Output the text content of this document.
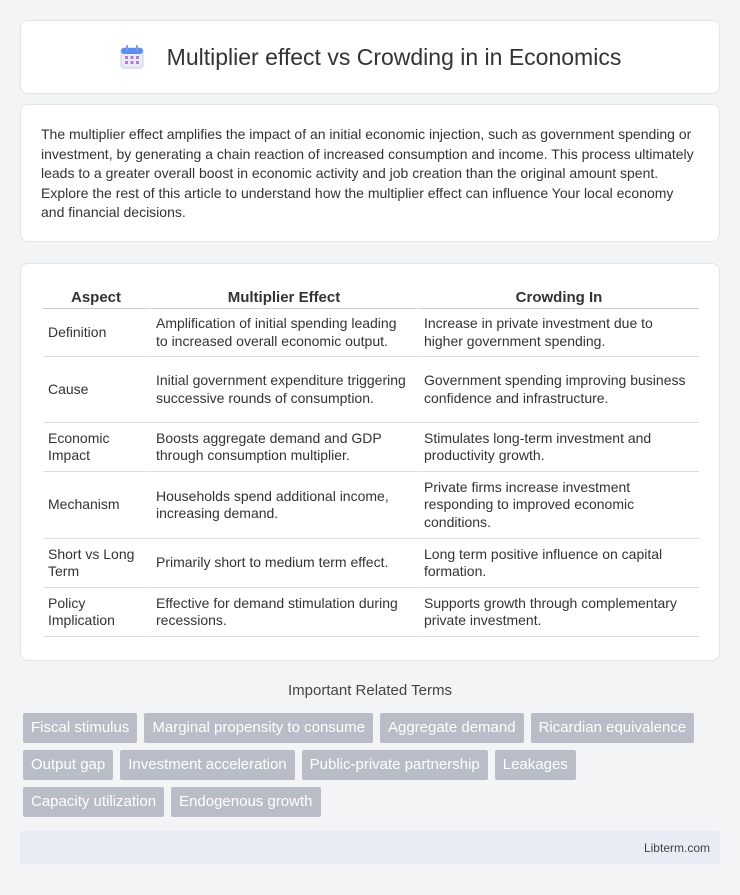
Multiplier effect vs Crowding in in Economics

The multiplier effect amplifies the impact of an initial economic injection, such as government spending or investment, by generating a chain reaction of increased consumption and income. This process ultimately leads to a greater overall boost in economic activity and job creation than the original amount spent. Explore the rest of this article to understand how the multiplier effect can influence Your local economy and financial decisions.

Aspect	Multiplier Effect	Crowding In
Definition	Amplification of initial spending leading to increased overall economic output.	Increase in private investment due to higher government spending.
Cause	Initial government expenditure triggering successive rounds of consumption.	Government spending improving business confidence and infrastructure.
Economic Impact	Boosts aggregate demand and GDP through consumption multiplier.	Stimulates long-term investment and productivity growth.
Mechanism	Households spend additional income, increasing demand.	Private firms increase investment responding to improved economic conditions.
Short vs Long Term	Primarily short to medium term effect.	Long term positive influence on capital formation.
Policy Implication	Effective for demand stimulation during recessions.	Supports growth through complementary private investment.
Important Related Terms
Fiscal stimulus	Marginal propensity to consume	Aggregate demand	Ricardian equivalence
Output gap	Investment acceleration	Public-private partnership	Leakages
Capacity utilization	Endogenous growth
Libterm.com
